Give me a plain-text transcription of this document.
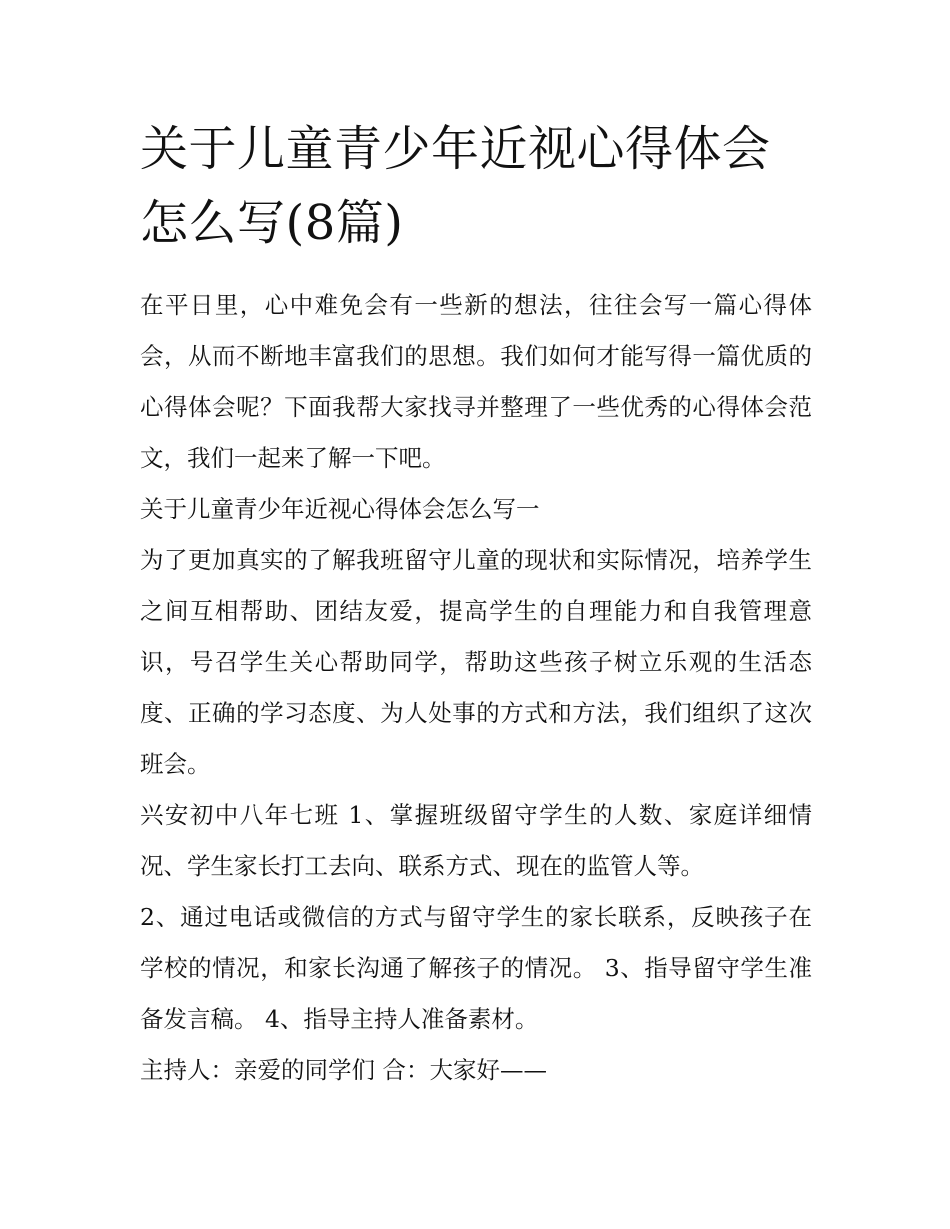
关于儿童青少年近视心得体会怎么写(8篇)

在平日里，心中难免会有一些新的想法，往往会写一篇心得体会，从而不断地丰富我们的思想。我们如何才能写得一篇优质的心得体会呢？下面我帮大家找寻并整理了一些优秀的心得体会范文，我们一起来了解一下吧。

关于儿童青少年近视心得体会怎么写一

为了更加真实的了解我班留守儿童的现状和实际情况，培养学生之间互相帮助、团结友爱，提高学生的自理能力和自我管理意识，号召学生关心帮助同学，帮助这些孩子树立乐观的生活态度、正确的学习态度、为人处事的方式和方法，我们组织了这次班会。

兴安初中八年七班 1、掌握班级留守学生的人数、家庭详细情况、学生家长打工去向、联系方式、现在的监管人等。

2、通过电话或微信的方式与留守学生的家长联系，反映孩子在学校的情况，和家长沟通了解孩子的情况。 3、指导留守学生准备发言稿。 4、指导主持人准备素材。

主持人：亲爱的同学们 合：大家好——
